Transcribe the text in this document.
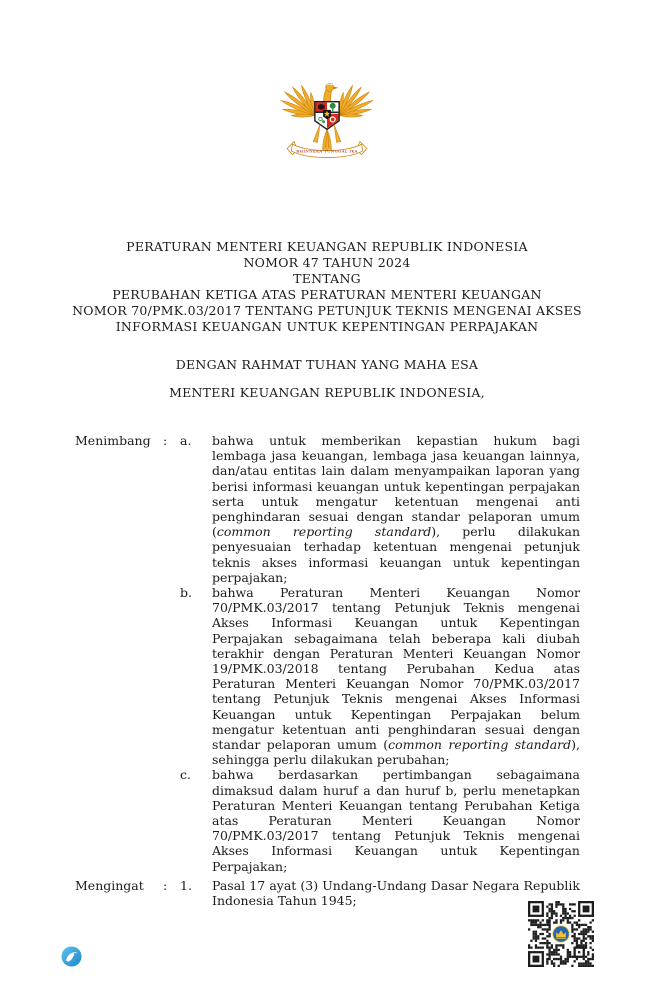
BHINNEKA TUNGGAL IKA
PERATURAN MENTERI KEUANGAN REPUBLIK INDONESIA
NOMOR 47 TAHUN 2024
TENTANG
PERUBAHAN KETIGA ATAS PERATURAN MENTERI KEUANGAN
NOMOR 70/PMK.03/2017 TENTANG PETUNJUK TEKNIS MENGENAI AKSES
INFORMASI KEUANGAN UNTUK KEPENTINGAN PERPAJAKAN
DENGAN RAHMAT TUHAN YANG MAHA ESA
MENTERI KEUANGAN REPUBLIK INDONESIA,
Menimbang :	a.	bahwa untuk memberikan kepastian hukum bagi lembaga jasa keuangan, lembaga jasa keuangan lainnya, dan/atau entitas lain dalam menyampaikan laporan yang berisi informasi keuangan untuk kepentingan perpajakan serta untuk mengatur ketentuan mengenai anti penghindaran sesuai dengan standar pelaporan umum (common reporting standard), perlu dilakukan penyesuaian terhadap ketentuan mengenai petunjuk teknis akses informasi keuangan untuk kepentingan perpajakan;

b.	bahwa Peraturan Menteri Keuangan Nomor 70/PMK.03/2017 tentang Petunjuk Teknis mengenai Akses Informasi Keuangan untuk Kepentingan Perpajakan sebagaimana telah beberapa kali diubah terakhir dengan Peraturan Menteri Keuangan Nomor 19/PMK.03/2018 tentang Perubahan Kedua atas Peraturan Menteri Keuangan Nomor 70/PMK.03/2017 tentang Petunjuk Teknis mengenai Akses Informasi Keuangan untuk Kepentingan Perpajakan belum mengatur ketentuan anti penghindaran sesuai dengan standar pelaporan umum (common reporting standard), sehingga perlu dilakukan perubahan;

c.	bahwa berdasarkan pertimbangan sebagaimana dimaksud dalam huruf a dan huruf b, perlu menetapkan Peraturan Menteri Keuangan tentang Perubahan Ketiga atas Peraturan Menteri Keuangan Nomor 70/PMK.03/2017 tentang Petunjuk Teknis mengenai Akses Informasi Keuangan untuk Kepentingan Perpajakan;

Mengingat	:	1.	Pasal 17 ayat (3) Undang-Undang Dasar Negara Republik Indonesia Tahun 1945;
